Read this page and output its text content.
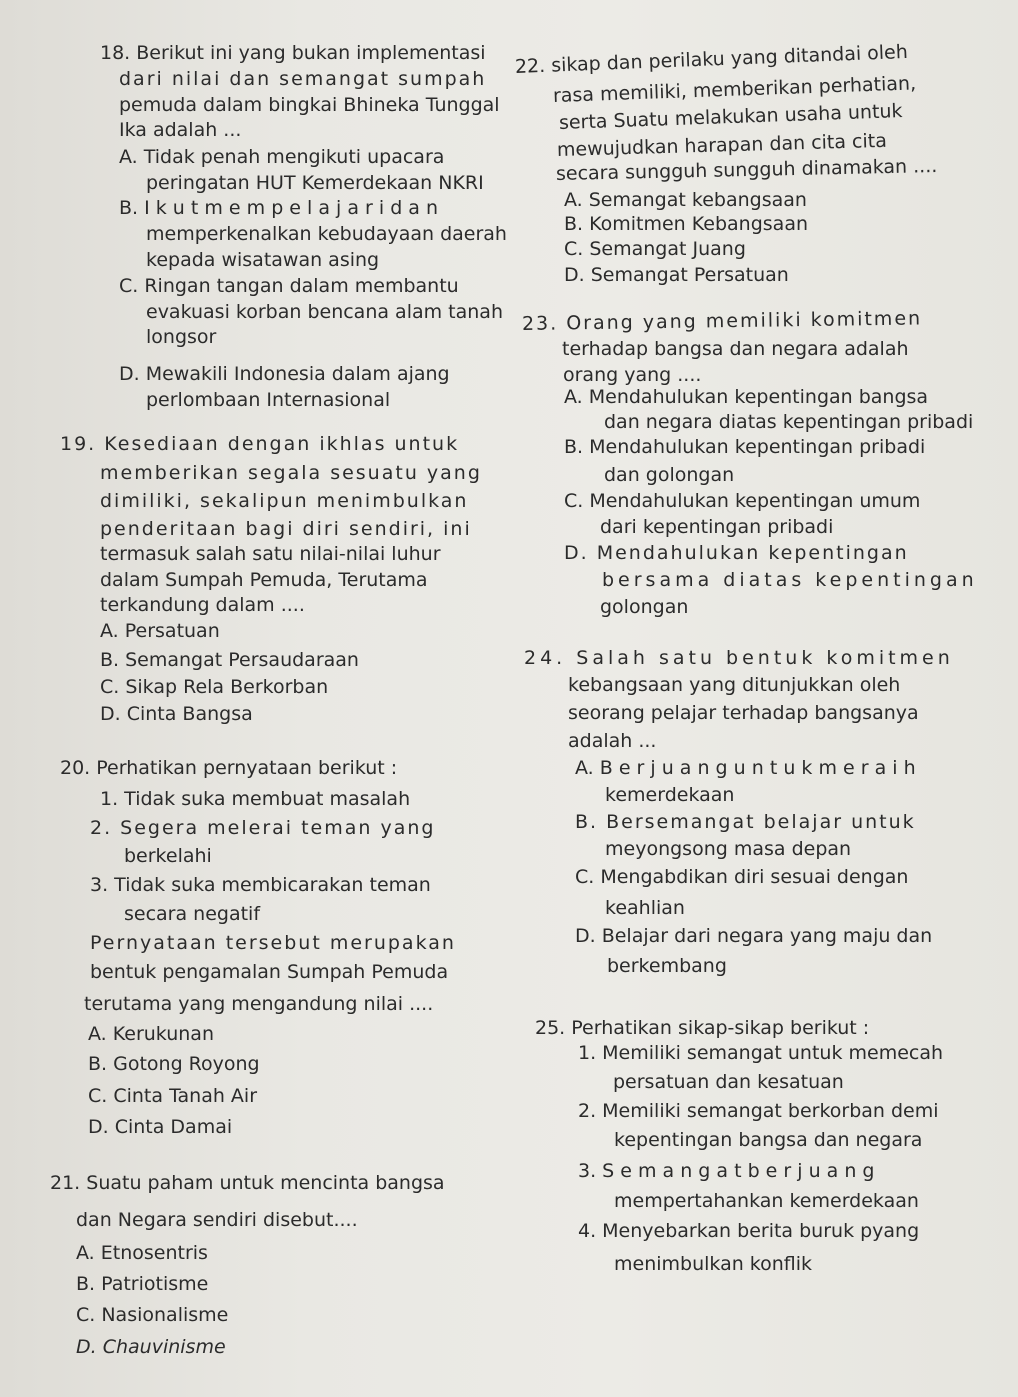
18. Berikut ini yang bukan implementasi
dari nilai dan semangat sumpah
pemuda dalam bingkai Bhineka Tunggal
Ika adalah ...
A. Tidak penah mengikuti upacara
peringatan HUT Kemerdekaan NKRI
B. I k u t m e m p e l a j a r i d a n
memperkenalkan kebudayaan daerah
kepada wisatawan asing
C. Ringan tangan dalam membantu
evakuasi korban bencana alam tanah
longsor
D. Mewakili Indonesia dalam ajang
perlombaan Internasional
19. Kesediaan dengan ikhlas untuk
memberikan segala sesuatu yang
dimiliki, sekalipun menimbulkan
penderitaan bagi diri sendiri, ini
termasuk salah satu nilai-nilai luhur
dalam Sumpah Pemuda, Terutama
terkandung dalam ....
A. Persatuan
B. Semangat Persaudaraan
C. Sikap Rela Berkorban
D. Cinta Bangsa
20. Perhatikan pernyataan berikut :
1. Tidak suka membuat masalah
2. Segera melerai teman yang
berkelahi
3. Tidak suka membicarakan teman
secara negatif
Pernyataan tersebut merupakan
bentuk pengamalan Sumpah Pemuda
terutama yang mengandung nilai ....
A. Kerukunan
B. Gotong Royong
C. Cinta Tanah Air
D. Cinta Damai
21. Suatu paham untuk mencinta bangsa
dan Negara sendiri disebut....
A. Etnosentris
B. Patriotisme
C. Nasionalisme
D. Chauvinisme
22. sikap dan perilaku yang ditandai oleh
rasa memiliki, memberikan perhatian,
serta Suatu melakukan usaha untuk
mewujudkan harapan dan cita cita
secara sungguh sungguh dinamakan ....
A. Semangat kebangsaan
B. Komitmen Kebangsaan
C. Semangat Juang
D. Semangat Persatuan
23. Orang yang memiliki komitmen
terhadap bangsa dan negara adalah
orang yang ....
A. Mendahulukan kepentingan bangsa
dan negara diatas kepentingan pribadi
B. Mendahulukan kepentingan pribadi
dan golongan
C. Mendahulukan kepentingan umum
dari kepentingan pribadi
D. Mendahulukan kepentingan
bersama diatas kepentingan
golongan
24. Salah satu bentuk komitmen
kebangsaan yang ditunjukkan oleh
seorang pelajar terhadap bangsanya
adalah ...
A. B e r j u a n g u n t u k m e r a i h
kemerdekaan
B. Bersemangat belajar untuk
meyongsong masa depan
C. Mengabdikan diri sesuai dengan
keahlian
D. Belajar dari negara yang maju dan
berkembang
25. Perhatikan sikap-sikap berikut :
1. Memiliki semangat untuk memecah
persatuan dan kesatuan
2. Memiliki semangat berkorban demi
kepentingan bangsa dan negara
3. S e m a n g a t b e r j u a n g
mempertahankan kemerdekaan
4. Menyebarkan berita buruk pyang
menimbulkan konflik
